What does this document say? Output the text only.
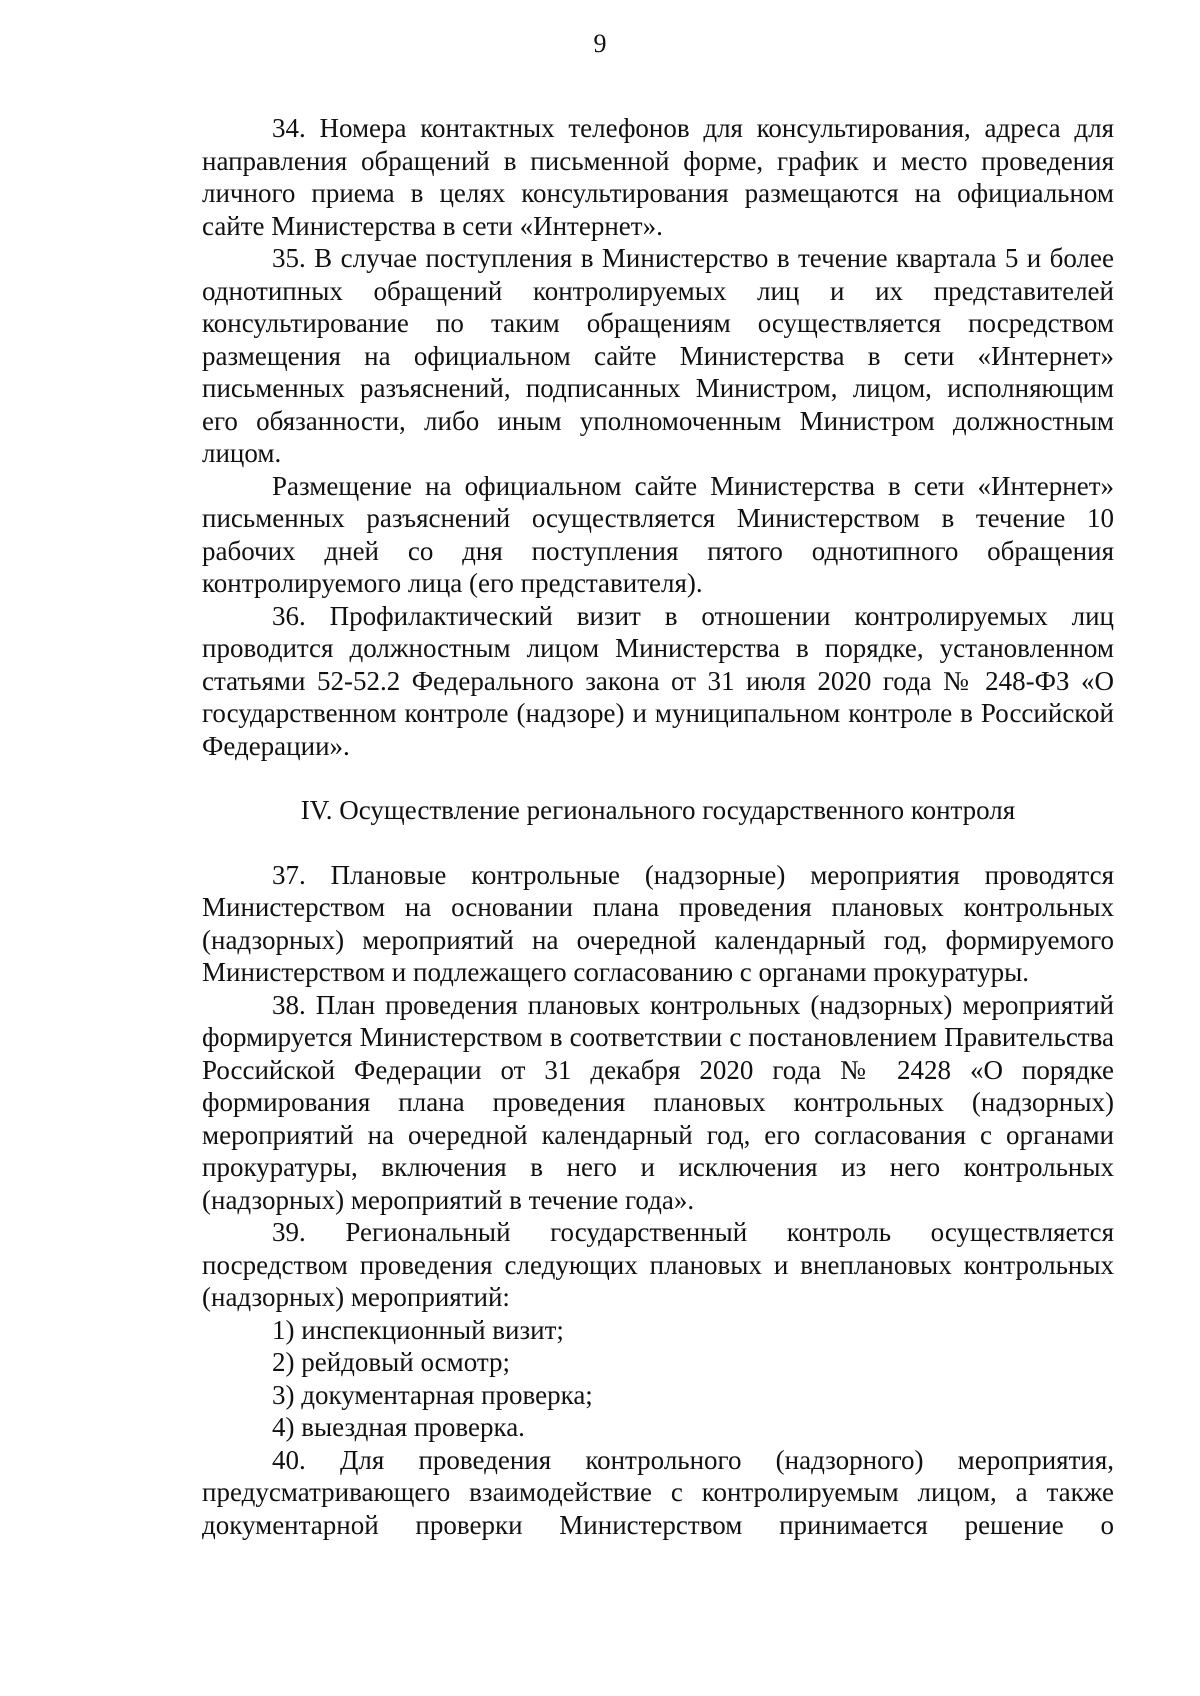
9

34. Номера контактных телефонов для консультирования, адреса для направления обращений в письменной форме, график и место проведения личного приема в целях консультирования размещаются на официальном сайте Министерства в сети «Интернет».

35. В случае поступления в Министерство в течение квартала 5 и более однотипных обращений контролируемых лиц и их представителей консультирование по таким обращениям осуществляется посредством размещения на официальном сайте Министерства в сети «Интернет» письменных разъяснений, подписанных Министром, лицом, исполняющим его обязанности, либо иным уполномоченным Министром должностным лицом.

Размещение на официальном сайте Министерства в сети «Интернет» письменных разъяснений осуществляется Министерством в течение 10 рабочих дней со дня поступления пятого однотипного обращения контролируемого лица (его представителя).

36. Профилактический визит в отношении контролируемых лиц проводится должностным лицом Министерства в порядке, установленном статьями 52-52.2 Федерального закона от 31 июля 2020 года № 248-ФЗ «О государственном контроле (надзоре) и муниципальном контроле в Российской Федерации».

IV. Осуществление регионального государственного контроля

37. Плановые контрольные (надзорные) мероприятия проводятся Министерством на основании плана проведения плановых контрольных (надзорных) мероприятий на очередной календарный год, формируемого Министерством и подлежащего согласованию с органами прокуратуры.

38. План проведения плановых контрольных (надзорных) мероприятий формируется Министерством в соответствии с постановлением Правительства Российской Федерации от 31 декабря 2020 года № 2428 «О порядке формирования плана проведения плановых контрольных (надзорных) мероприятий на очередной календарный год, его согласования с органами прокуратуры, включения в него и исключения из него контрольных (надзорных) мероприятий в течение года».

39. Региональный государственный контроль осуществляется посредством проведения следующих плановых и внеплановых контрольных (надзорных) мероприятий:

1) инспекционный визит;

2) рейдовый осмотр;

3) документарная проверка;

4) выездная проверка.

40. Для проведения контрольного (надзорного) мероприятия, предусматривающего взаимодействие с контролируемым лицом, а также документарной проверки Министерством принимается решение о
